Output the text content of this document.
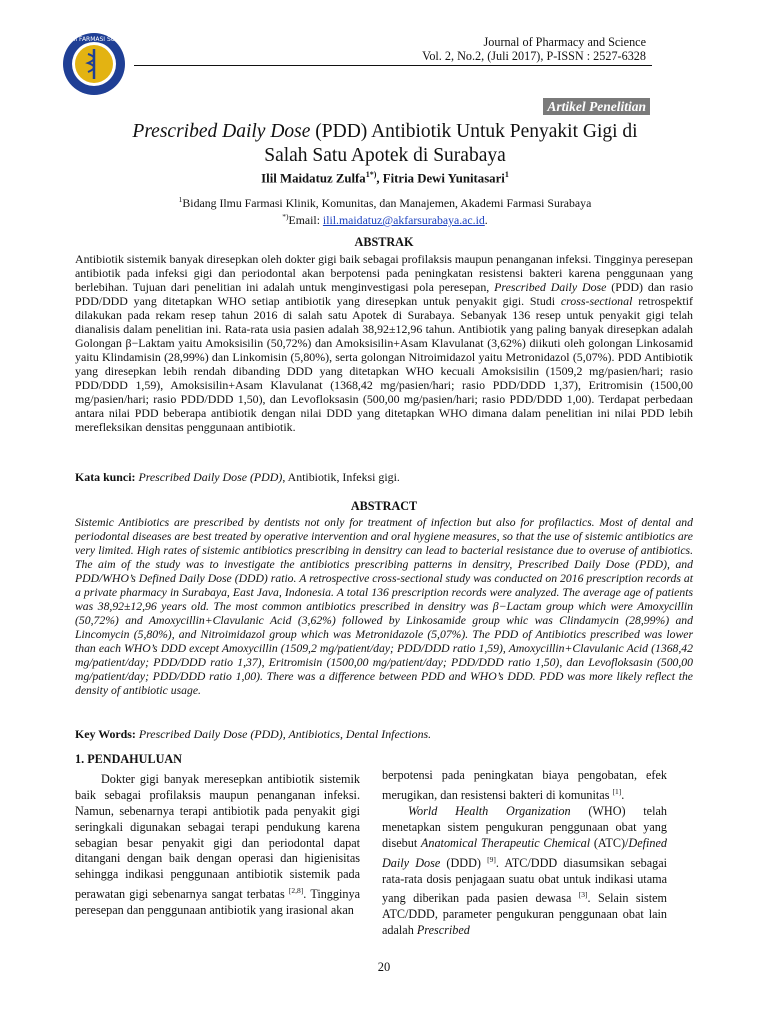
AKADEMI FARMASI SURABAYA	Journal of Pharmacy and Science
Vol. 2, No.2, (Juli 2017), P-ISSN : 2527-6328
Artikel Penelitian
Prescribed Daily Dose (PDD) Antibiotik Untuk Penyakit Gigi di
Salah Satu Apotek di Surabaya
Ilil Maidatuz Zulfa$^{1*)}$, Fitria Dewi Yunitasari$^1$
$^1$Bidang Ilmu Farmasi Klinik, Komunitas, dan Manajemen, Akademi Farmasi Surabaya
*)Email: ilil.maidatuz@akfarsurabaya.ac.id.
ABSTRAK
Antibiotik sistemik banyak diresepkan oleh dokter gigi baik sebagai profilaksis maupun penanganan infeksi. Tingginya peresepan antibiotik pada infeksi gigi dan periodontal akan berpotensi pada peningkatan resistensi bakteri karena penggunaan yang berlebihan. Tujuan dari penelitian ini adalah untuk menginvestigasi pola peresepan, Prescribed Daily Dose (PDD) dan rasio PDD/DDD yang ditetapkan WHO setiap antibiotik yang diresepkan untuk penyakit gigi. Studi cross-sectional retrospektif dilakukan pada rekam resep tahun 2016 di salah satu Apotek di Surabaya. Sebanyak 136 resep untuk penyakit gigi telah dianalisis dalam penelitian ini. Rata-rata usia pasien adalah 38,92±12,96 tahun. Antibiotik yang paling banyak diresepkan adalah Golongan β−Laktam yaitu Amoksisilin (50,72%) dan Amoksisilin+Asam Klavulanat (3,62%) diikuti oleh golongan Linkosamid yaitu Klindamisin (28,99%) dan Linkomisin (5,80%), serta golongan Nitroimidazol yaitu Metronidazol (5,07%). PDD Antibiotik yang diresepkan lebih rendah dibanding DDD yang ditetapkan WHO kecuali Amoksisilin (1509,2 mg/pasien/hari; rasio PDD/DDD 1,59), Amoksisilin+Asam Klavulanat (1368,42 mg/pasien/hari; rasio PDD/DDD 1,37), Eritromisin (1500,00 mg/pasien/hari; rasio PDD/DDD 1,50), dan Levofloksasin (500,00 mg/pasien/hari; rasio PDD/DDD 1,00). Terdapat perbedaan antara nilai PDD beberapa antibiotik dengan nilai DDD yang ditetapkan WHO dimana dalam penelitian ini nilai PDD lebih merefleksikan densitas penggunaan antibiotik.
Kata kunci: Prescribed Daily Dose (PDD), Antibiotik, Infeksi gigi.
ABSTRACT
Sistemic Antibiotics are prescribed by dentists not only for treatment of infection but also for profilactics. Most of dental and periodontal diseases are best treated by operative intervention and oral hygiene measures, so that the use of sistemic antibiotics are very limited. High rates of sistemic antibiotics prescribing in densitry can lead to bacterial resistance due to overuse of antibiotics. The aim of the study was to investigate the antibiotics prescribing patterns in densitry, Prescribed Daily Dose (PDD), and PDD/WHO’s Defined Daily Dose (DDD) ratio. A retrospective cross-sectional study was conducted on 2016 prescription records at a private pharmacy in Surabaya, East Java, Indonesia. A total 136 prescription records were analyzed. The average age of patients was 38,92±12,96 years old. The most common antibiotics prescribed in densitry was β−Lactam group which were Amoxycillin (50,72%) and Amoxycillin+Clavulanic Acid (3,62%) followed by Linkosamide group whic was Clindamycin (28,99%) and Lincomycin (5,80%), and Nitroimidazol group which was Metronidazole (5,07%). The PDD of Antibiotics prescribed was lower than each WHO’s DDD except Amoxycillin (1509,2 mg/patient/day; PDD/DDD ratio 1,59), Amoxycillin+Clavulanic Acid (1368,42 mg/patient/day; PDD/DDD ratio 1,37), Eritromisin (1500,00 mg/patient/day; PDD/DDD ratio 1,50), dan Levofloksasin (500,00 mg/patient/day; PDD/DDD ratio 1,00). There was a difference between PDD and WHO’s DDD. PDD was more likely reflect the density of antibiotic usage.
Key Words: Prescribed Daily Dose (PDD), Antibiotics, Dental Infections.
1. PENDAHULUAN

Dokter gigi banyak meresepkan antibiotik sistemik baik sebagai profilaksis maupun penanganan infeksi. Namun, sebenarnya terapi antibiotik pada penyakit gigi seringkali digunakan sebagai terapi pendukung karena sebagian besar penyakit gigi dan periodontal dapat ditangani dengan baik dengan operasi dan higienisitas sehingga indikasi penggunaan antibiotik sistemik pada perawatan gigi sebenarnya sangat terbatas [2,8]. Tingginya peresepan dan penggunaan antibiotik yang irasional akan

berpotensi pada peningkatan biaya pengobatan, efek merugikan, dan resistensi bakteri di komunitas [1].

World Health Organization (WHO) telah menetapkan sistem pengukuran penggunaan obat yang disebut Anatomical Therapeutic Chemical (ATC)/Defined Daily Dose (DDD) [9]. ATC/DDD diasumsikan sebagai rata-rata dosis penjagaan suatu obat untuk indikasi utama yang diberikan pada pasien dewasa [3]. Selain sistem ATC/DDD, parameter pengukuran penggunaan obat lain adalah Prescribed

20
